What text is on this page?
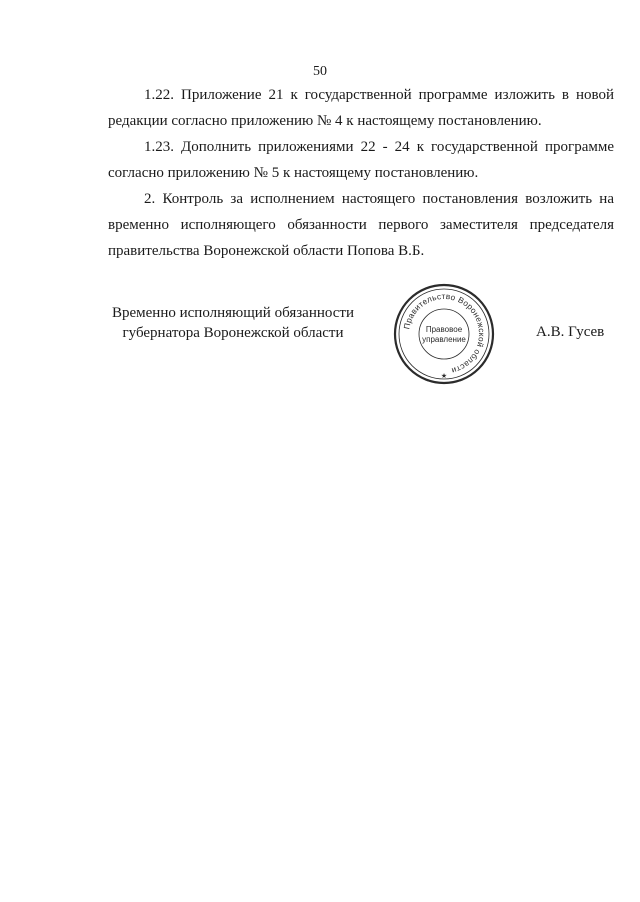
50
1.22. Приложение 21 к государственной программе изложить в новой
редакции согласно приложению № 4 к настоящему постановлению.
1.23. Дополнить приложениями 22 - 24 к государственной программе
согласно приложению № 5 к настоящему постановлению.
2. Контроль за исполнением настоящего постановления возложить на
временно исполняющего обязанности первого заместителя председателя
правительства Воронежской области Попова В.Б.
Временно исполняющий обязанности
губернатора Воронежской области	Правительство Воронежской области
Правовое
управление
★
А.В. Гусев
